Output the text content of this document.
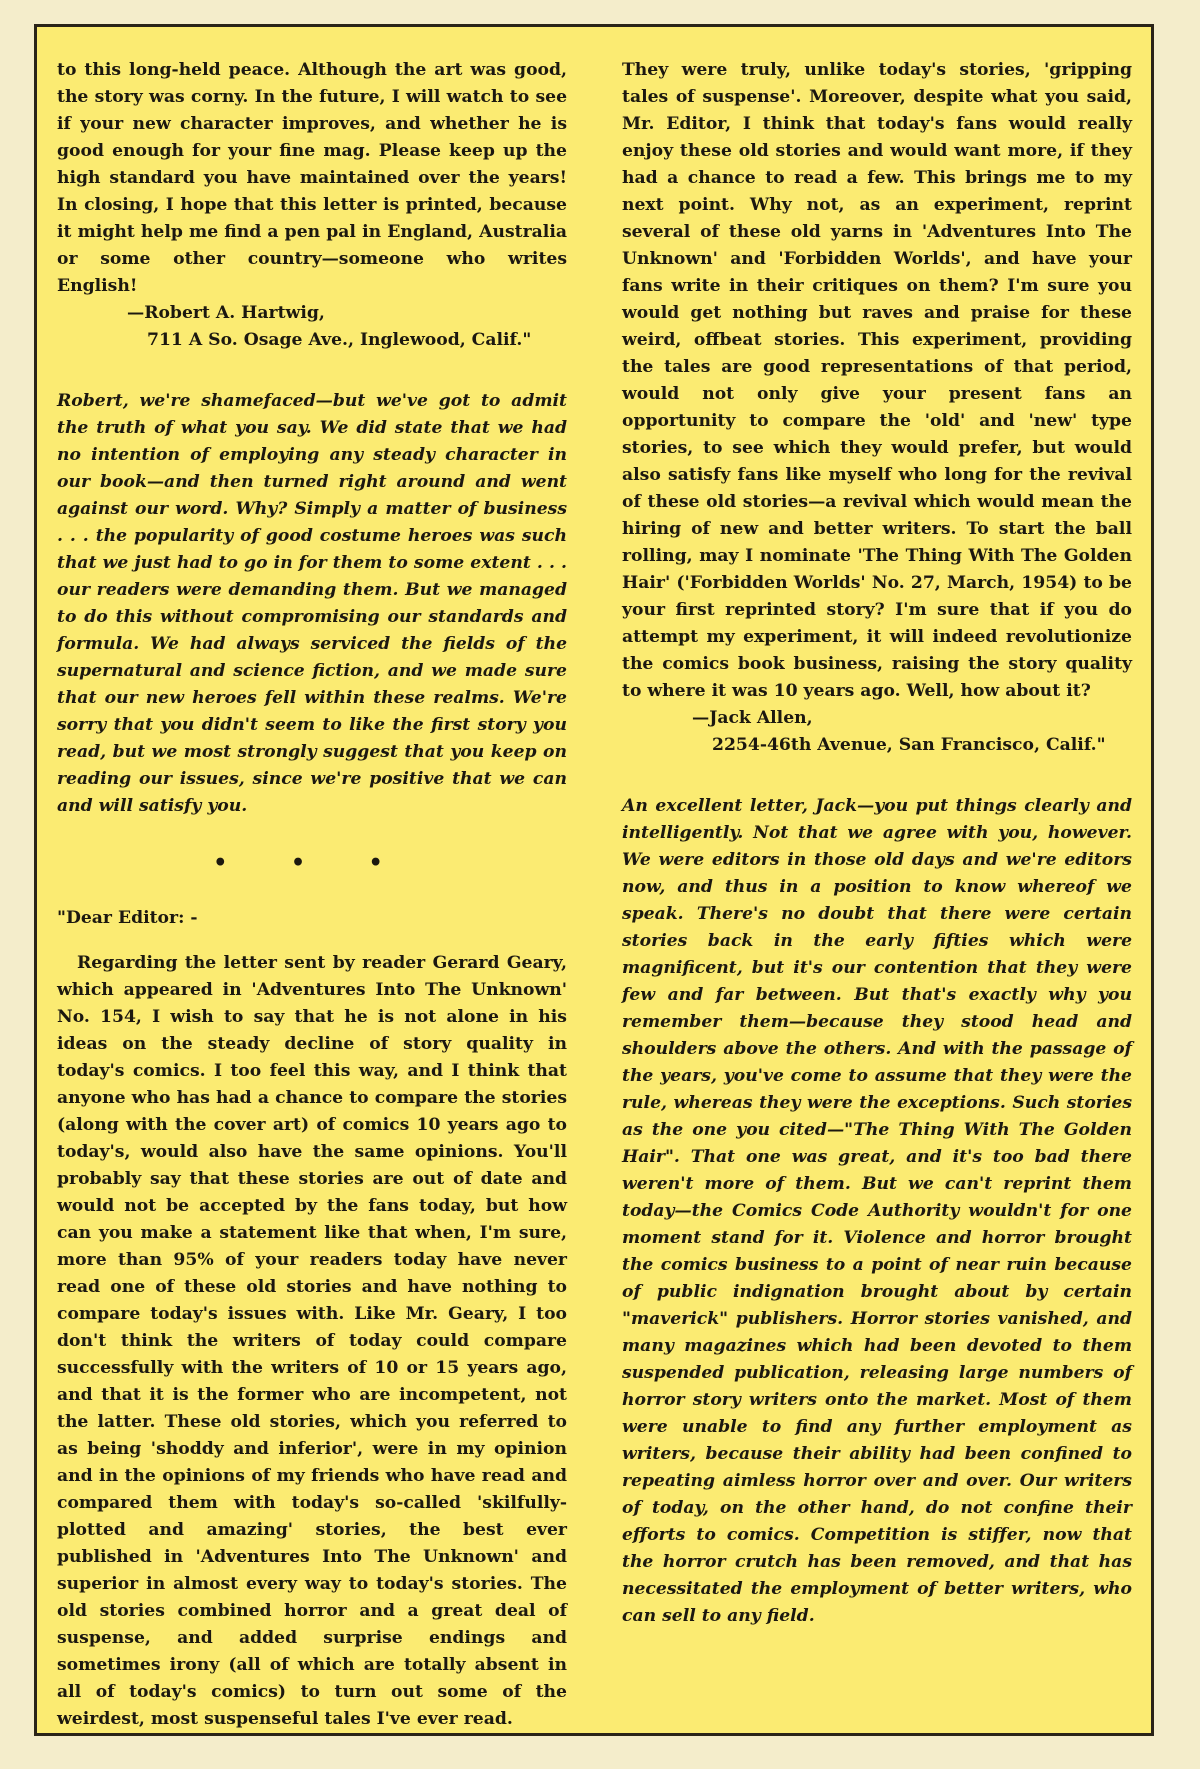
to this long-held peace. Although the art was good, the story was corny. In the future, I will watch to see if your new character improves, and whether he is good enough for your fine mag. Please keep up the high standard you have maintained over the years! In closing, I hope that this letter is printed, because it might help me find a pen pal in England, Australia or some other country—someone who writes English!

—Robert A. Hartwig,

711 A So. Osage Ave., Inglewood, Calif."

Robert, we're shamefaced—but we've got to admit the truth of what you say. We did state that we had no intention of employing any steady character in our book—and then turned right around and went against our word. Why? Simply a matter of business . . . the popularity of good costume heroes was such that we just had to go in for them to some extent . . . our readers were demanding them. But we managed to do this without compromising our standards and formula. We had always serviced the fields of the supernatural and science fiction, and we made sure that our new heroes fell within these realms. We're sorry that you didn't seem to like the first story you read, but we most strongly suggest that you keep on reading our issues, since we're positive that we can and will satisfy you.

• • •

"Dear Editor: -

Regarding the letter sent by reader Gerard Geary, which appeared in 'Adventures Into The Unknown' No. 154, I wish to say that he is not alone in his ideas on the steady decline of story quality in today's comics. I too feel this way, and I think that anyone who has had a chance to compare the stories (along with the cover art) of comics 10 years ago to today's, would also have the same opinions. You'll probably say that these stories are out of date and would not be accepted by the fans today, but how can you make a statement like that when, I'm sure, more than 95% of your readers today have never read one of these old stories and have nothing to compare today's issues with. Like Mr. Geary, I too don't think the writers of today could compare successfully with the writers of 10 or 15 years ago, and that it is the former who are incompetent, not the latter. These old stories, which you referred to as being 'shoddy and inferior', were in my opinion and in the opinions of my friends who have read and compared them with today's so-called 'skilfully-plotted and amazing' stories, the best ever published in 'Adventures Into The Unknown' and superior in almost every way to today's stories. The old stories combined horror and a great deal of suspense, and added surprise endings and sometimes irony (all of which are totally absent in all of today's comics) to turn out some of the weirdest, most suspenseful tales I've ever read.

They were truly, unlike today's stories, 'gripping tales of suspense'. Moreover, despite what you said, Mr. Editor, I think that today's fans would really enjoy these old stories and would want more, if they had a chance to read a few. This brings me to my next point. Why not, as an experiment, reprint several of these old yarns in 'Adventures Into The Unknown' and 'Forbidden Worlds', and have your fans write in their critiques on them? I'm sure you would get nothing but raves and praise for these weird, offbeat stories. This experiment, providing the tales are good representations of that period, would not only give your present fans an opportunity to compare the 'old' and 'new' type stories, to see which they would prefer, but would also satisfy fans like myself who long for the revival of these old stories—a revival which would mean the hiring of new and better writers. To start the ball rolling, may I nominate 'The Thing With The Golden Hair' ('Forbidden Worlds' No. 27, March, 1954) to be your first reprinted story? I'm sure that if you do attempt my experiment, it will indeed revolutionize the comics book business, raising the story quality to where it was 10 years ago. Well, how about it?

—Jack Allen,

2254-46th Avenue, San Francisco, Calif."

An excellent letter, Jack—you put things clearly and intelligently. Not that we agree with you, however. We were editors in those old days and we're editors now, and thus in a position to know whereof we speak. There's no doubt that there were certain stories back in the early fifties which were magnificent, but it's our contention that they were few and far between. But that's exactly why you remember them—because they stood head and shoulders above the others. And with the passage of the years, you've come to assume that they were the rule, whereas they were the exceptions. Such stories as the one you cited—"The Thing With The Golden Hair". That one was great, and it's too bad there weren't more of them. But we can't reprint them today—the Comics Code Authority wouldn't for one moment stand for it. Violence and horror brought the comics business to a point of near ruin because of public indignation brought about by certain "maverick" publishers. Horror stories vanished, and many magazines which had been devoted to them suspended publication, releasing large numbers of horror story writers onto the market. Most of them were unable to find any further employment as writers, because their ability had been confined to repeating aimless horror over and over. Our writers of today, on the other hand, do not confine their efforts to comics. Competition is stiffer, now that the horror crutch has been removed, and that has necessitated the employment of better writers, who can sell to any field.
